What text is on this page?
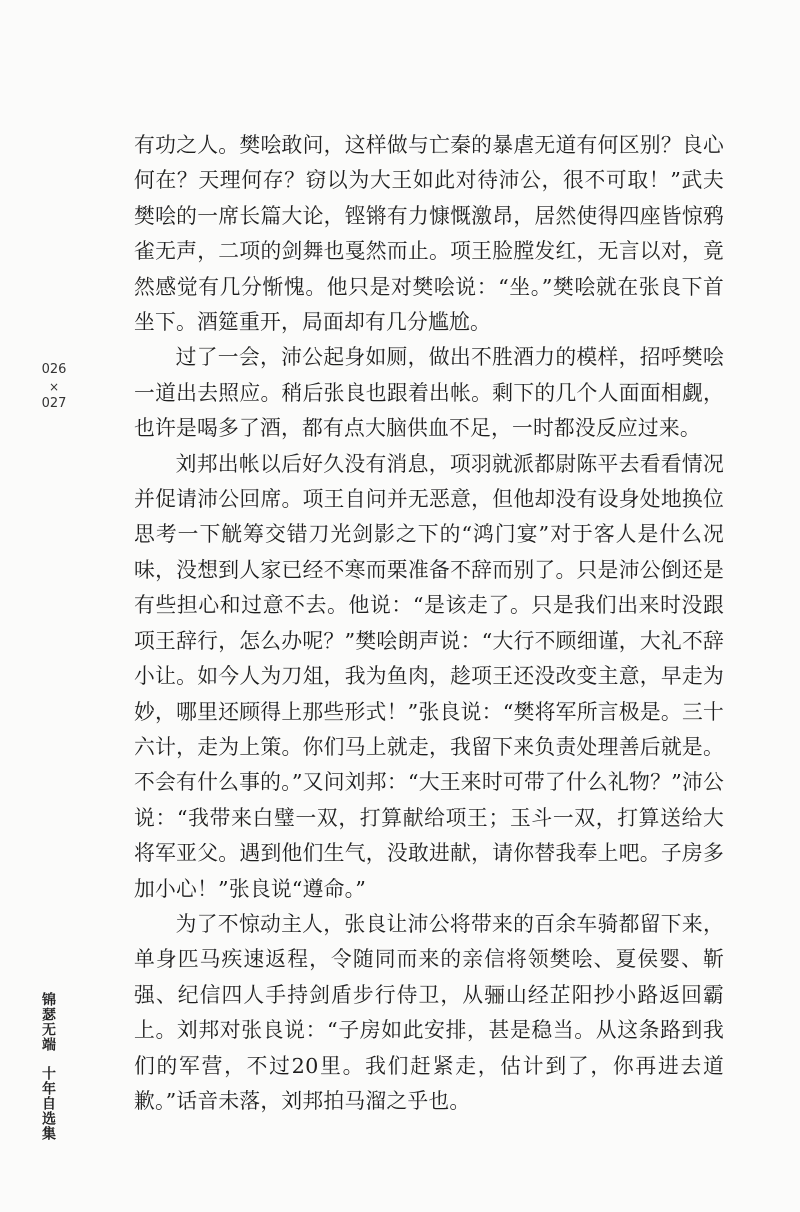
026
×
027

有功之人。樊哙敢问，这样做与亡秦的暴虐无道有何区别？良心何在？天理何存？窃以为大王如此对待沛公，很不可取！”武夫樊哙的一席长篇大论，铿锵有力慷慨激昂，居然使得四座皆惊鸦雀无声，二项的剑舞也戛然而止。项王脸膛发红，无言以对，竟然感觉有几分惭愧。他只是对樊哙说：“坐。”樊哙就在张良下首坐下。酒筵重开，局面却有几分尴尬。

过了一会，沛公起身如厕，做出不胜酒力的模样，招呼樊哙一道出去照应。稍后张良也跟着出帐。剩下的几个人面面相觑，也许是喝多了酒，都有点大脑供血不足，一时都没反应过来。

刘邦出帐以后好久没有消息，项羽就派都尉陈平去看看情况并促请沛公回席。项王自问并无恶意，但他却没有设身处地换位思考一下觥筹交错刀光剑影之下的“鸿门宴”对于客人是什么况味，没想到人家已经不寒而栗准备不辞而别了。只是沛公倒还是有些担心和过意不去。他说：“是该走了。只是我们出来时没跟项王辞行，怎么办呢？”樊哙朗声说：“大行不顾细谨，大礼不辞小让。如今人为刀俎，我为鱼肉，趁项王还没改变主意，早走为妙，哪里还顾得上那些形式！”张良说：“樊将军所言极是。三十六计，走为上策。你们马上就走，我留下来负责处理善后就是。不会有什么事的。”又问刘邦：“大王来时可带了什么礼物？”沛公说：“我带来白璧一双，打算献给项王；玉斗一双，打算送给大将军亚父。遇到他们生气，没敢进献，请你替我奉上吧。子房多加小心！”张良说“遵命。”

为了不惊动主人，张良让沛公将带来的百余车骑都留下来，单身匹马疾速返程，令随同而来的亲信将领樊哙、夏侯婴、靳强、纪信四人手持剑盾步行侍卫，从骊山经芷阳抄小路返回霸上。刘邦对张良说：“子房如此安排，甚是稳当。从这条路到我们的军营，不过20里。我们赶紧走，估计到了，你再进去道歉。”话音未落，刘邦拍马溜之乎也。

锦瑟无端十年自选集
